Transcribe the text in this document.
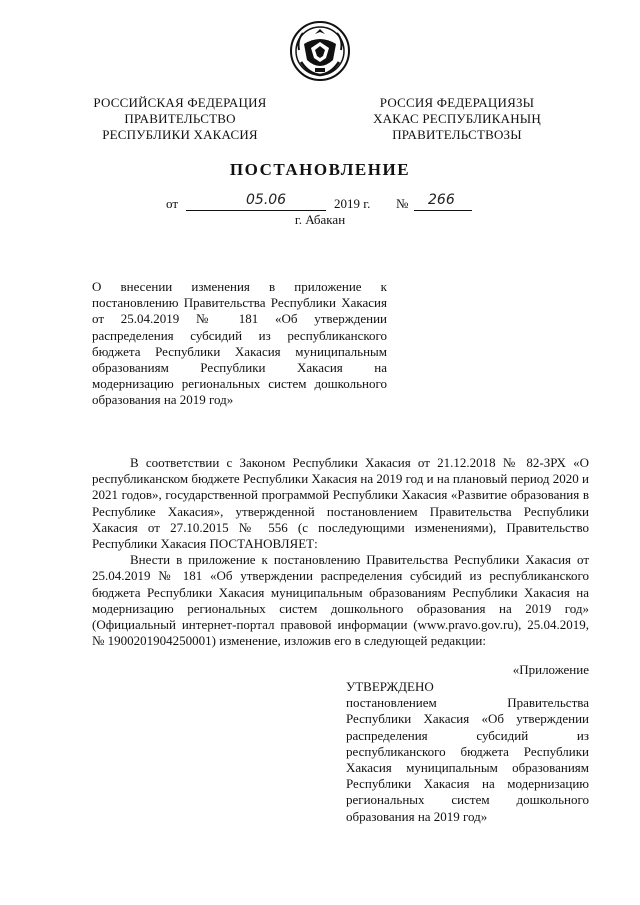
РОССИЙСКАЯ ФЕДЕРАЦИЯ
ПРАВИТЕЛЬСТВО
РЕСПУБЛИКИ ХАКАСИЯ
РОССИЯ ФЕДЕРАЦИЯЗЫ
ХАКАС РЕСПУБЛИКАНЫҢ
ПРАВИТЕЛЬСТВОЗЫ
ПОСТАНОВЛЕНИЕ
от	05.06	2019 г. № 266
г. Абакан

О внесении изменения в приложение к постановлению Правительства Республики Хакасия от 25.04.2019 № 181 «Об утверждении распределения субсидий из республиканского бюджета Республики Хакасия муниципальным образованиям Республики Хакасия на модернизацию региональных систем дошкольного образования на 2019 год»

В соответствии с Законом Республики Хакасия от 21.12.2018 № 82-ЗРХ «О республиканском бюджете Республики Хакасия на 2019 год и на плановый период 2020 и 2021 годов», государственной программой Республики Хакасия «Развитие образования в Республике Хакасия», утвержденной постановлением Правительства Республики Хакасия от 27.10.2015 № 556 (с последующими изменениями), Правительство Республики Хакасия ПОСТАНОВЛЯЕТ:

Внести в приложение к постановлению Правительства Республики Хакасия от 25.04.2019 № 181 «Об утверждении распределения субсидий из республиканского бюджета Республики Хакасия муниципальным образованиям Республики Хакасия на модернизацию региональных систем дошкольного образования на 2019 год» (Официальный интернет-портал правовой информации (www.pravo.gov.ru), 25.04.2019, № 1900201904250001) изменение, изложив его в следующей редакции:

«Приложение
УТВЕРЖДЕНО

постановлением Правительства Республики Хакасия «Об утверждении распределения субсидий из республиканского бюджета Республики Хакасия муниципальным образованиям Республики Хакасия на модернизацию региональных систем дошкольного образования на 2019 год»
